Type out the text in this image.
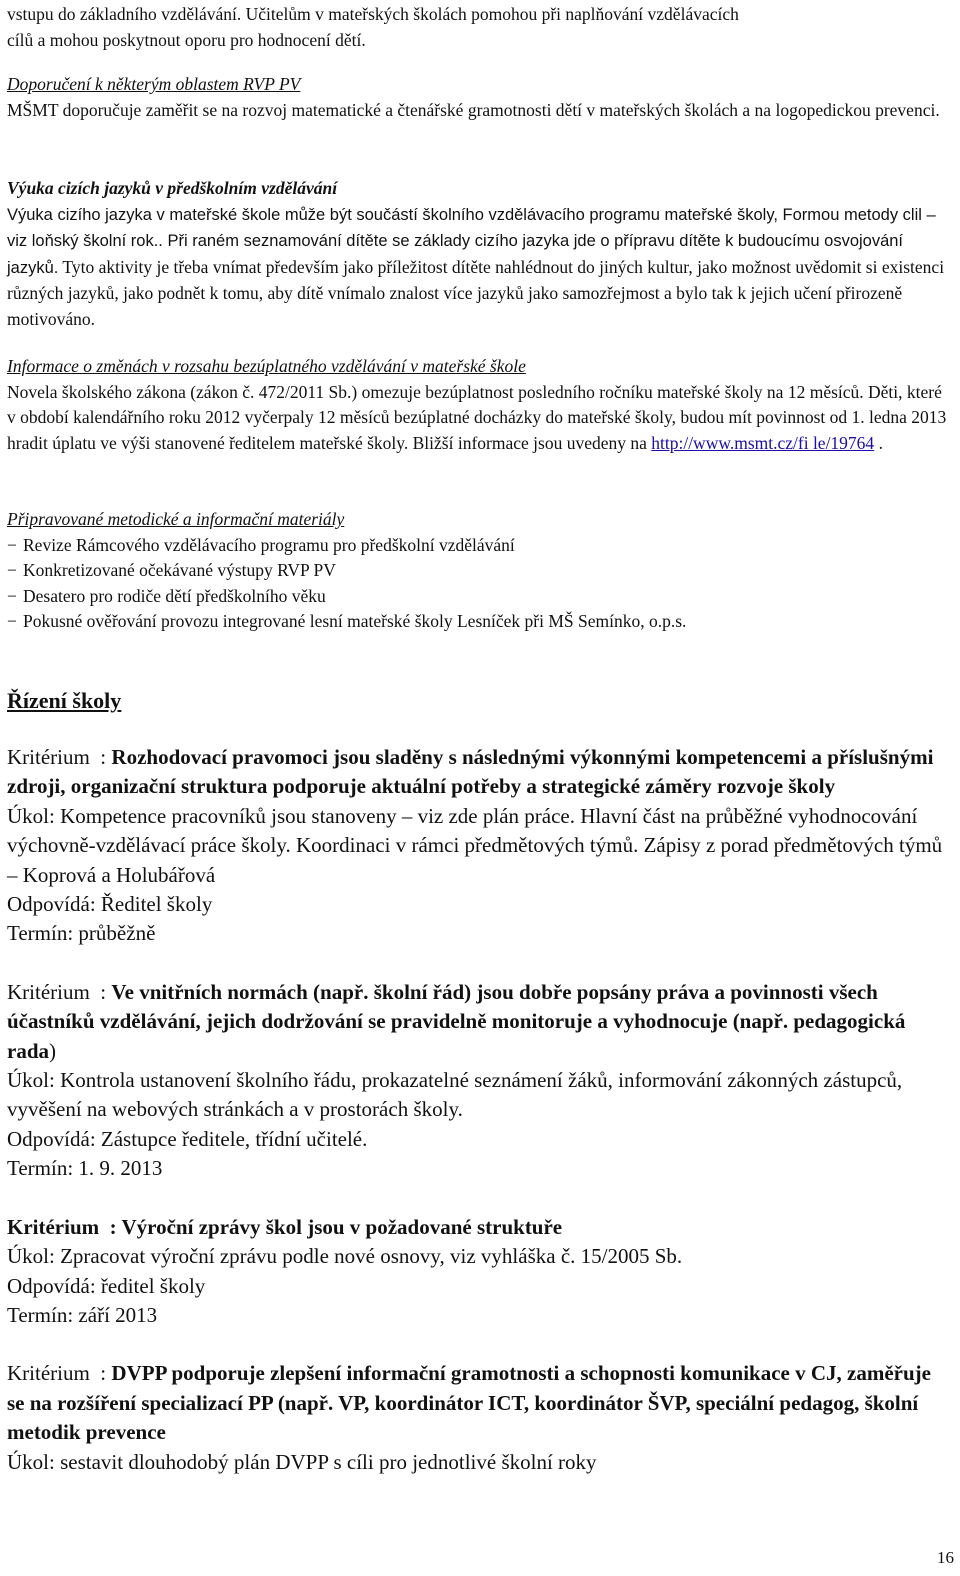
vstupu do základního vzdělávání. Učitelům v mateřských školách pomohou při naplňování vzdělávacích
cílů a mohou poskytnout oporu pro hodnocení dětí.
Doporučení k některým oblastem RVP PV
MŠMT doporučuje zaměřit se na rozvoj matematické a čtenářské gramotnosti dětí v mateřských školách a na logopedickou prevenci.
Výuka cizích jazyků v předškolním vzdělávání
Výuka cizího jazyka v mateřské škole může být součástí školního vzdělávacího programu mateřské školy, Formou metody clil – viz loňský školní rok.. Při raném seznamování dítěte se základy cizího jazyka jde o přípravu dítěte k budoucímu osvojování jazyků. Tyto aktivity je třeba vnímat především jako příležitost dítěte nahlédnout do jiných kultur, jako možnost uvědomit si existenci různých jazyků, jako podnět k tomu, aby dítě vnímalo znalost více jazyků jako samozřejmost a bylo tak k jejich učení přirozeně motivováno.
Informace o změnách v rozsahu bezúplatného vzdělávání v mateřské škole
Novela školského zákona (zákon č. 472/2011 Sb.) omezuje bezúplatnost posledního ročníku mateřské školy na 12 měsíců. Děti, které v období kalendářního roku 2012 vyčerpaly 12 měsíců bezúplatné docházky do mateřské školy, budou mít povinnost od 1. ledna 2013 hradit úplatu ve výši stanovené ředitelem mateřské školy. Bližší informace jsou uvedeny na http://www.msmt.cz/fi le/19764 .
Připravované metodické a informační materiály
− Revize Rámcového vzdělávacího programu pro předškolní vzdělávání
− Konkretizované očekávané výstupy RVP PV
− Desatero pro rodiče dětí předškolního věku
− Pokusné ověřování provozu integrované lesní mateřské školy Lesníček při MŠ Semínko, o.p.s.
Řízení školy
Kritérium  : Rozhodovací pravomoci jsou sladěny s následnými výkonnými kompetencemi a příslušnými zdroji, organizační struktura podporuje aktuální potřeby a strategické záměry rozvoje školy
Úkol: Kompetence pracovníků jsou stanoveny – viz zde plán práce. Hlavní část na průběžné vyhodnocování výchovně-vzdělávací práce školy. Koordinaci v rámci předmětových týmů. Zápisy z porad předmětových týmů – Koprová a Holubářová
Odpovídá: Ředitel školy
Termín: průběžně
Kritérium  : Ve vnitřních normách (např. školní řád) jsou dobře popsány práva a povinnosti všech účastníků vzdělávání, jejich dodržování se pravidelně monitoruje a vyhodnocuje (např. pedagogická rada)
Úkol: Kontrola ustanovení školního řádu, prokazatelné seznámení žáků, informování zákonných zástupců, vyvěšení na webových stránkách a v prostorách školy.
Odpovídá: Zástupce ředitele, třídní učitelé.
Termín: 1. 9. 2013
Kritérium  : Výroční zprávy škol jsou v požadované struktuře
Úkol: Zpracovat výroční zprávu podle nové osnovy, viz vyhláška č. 15/2005 Sb.
Odpovídá: ředitel školy
Termín: září 2013
Kritérium  : DVPP podporuje zlepšení informační gramotnosti a schopnosti komunikace v CJ, zaměřuje se na rozšíření specializací PP (např. VP, koordinátor ICT, koordinátor ŠVP, speciální pedagog, školní metodik prevence
Úkol: sestavit dlouhodobý plán DVPP s cíli pro jednotlivé školní roky
16
